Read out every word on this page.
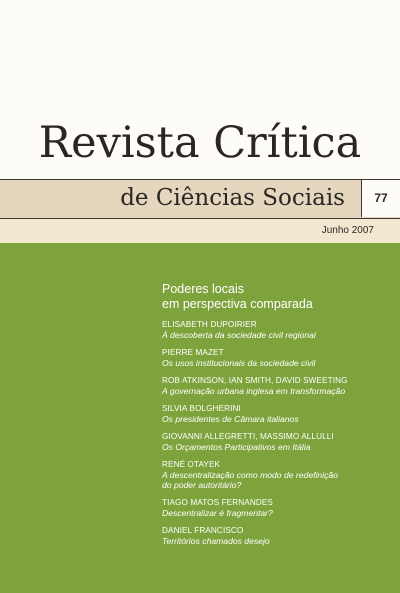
Revista Crítica
de Ciências Sociais	77
Junho 2007
Poderes locais
em perspectiva comparada
ELISABETH DUPOIRIER
À descoberta da sociedade civil regional
PIERRE MAZET
Os usos institucionais da sociedade civil
ROB ATKINSON, IAN SMITH, DAVID SWEETING
A governação urbana inglesa em transformação
SILVIA BOLGHERINI
Os presidentes de Câmara italianos
GIOVANNI ALLEGRETTI, MASSIMO ALLULLI
Os Orçamentos Participativos em Itália
RENÉ OTAYEK
A descentralização como modo de redefinição
do poder autoritário?
TIAGO MATOS FERNANDES
Descentralizar é fragmentar?
DANIEL FRANCISCO
Territórios chamados desejo
